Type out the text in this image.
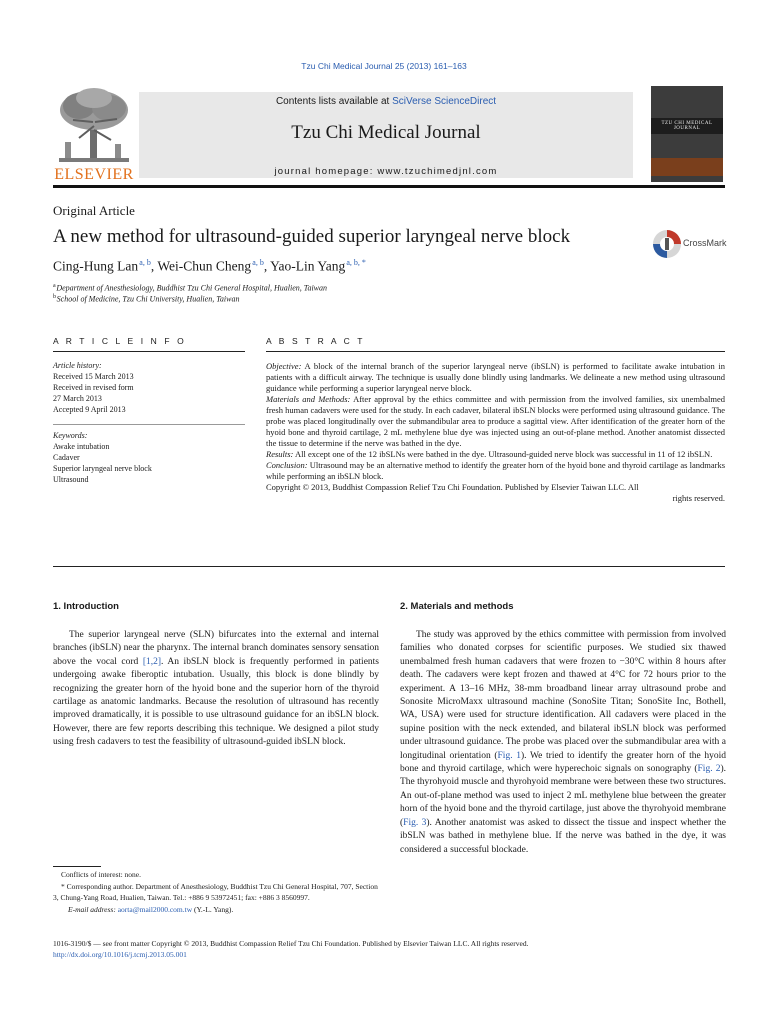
Tzu Chi Medical Journal 25 (2013) 161–163
ELSEVIER
Contents lists available at SciVerse ScienceDirect
Tzu Chi Medical Journal
journal homepage: www.tzuchimedjnl.com
TZU CHI MEDICAL JOURNAL
Original Article
A new method for ultrasound-guided superior laryngeal nerve block	CrossMark
Cing-Hung Lan $^{a, b}$, Wei-Chun Cheng $^{a, b}$, Yao-Lin Yang $^{a, b, *}$
$^a$ Department of Anesthesiology, Buddhist Tzu Chi General Hospital, Hualien, Taiwan
$^b$ School of Medicine, Tzu Chi University, Hualien, Taiwan
A R T I C L E I N F O
Article history:
Received 15 March 2013
Received in revised form
27 March 2013
Accepted 9 April 2013
Keywords:
Awake intubation
Cadaver
Superior laryngeal nerve block
Ultrasound
A B S T R A C T

Objective: A block of the internal branch of the superior laryngeal nerve (ibSLN) is performed to facilitate awake intubation in patients with a difficult airway. The technique is usually done blindly using landmarks. We delineate a new method using ultrasound guidance while performing a superior laryngeal nerve block.

Materials and Methods: After approval by the ethics committee and with permission from the involved families, six unembalmed fresh human cadavers were used for the study. In each cadaver, bilateral ibSLN blocks were performed using ultrasound guidance. The probe was placed longitudinally over the submandibular area to produce a sagittal view. After identification of the greater horn of the hyoid bone and thyroid cartilage, 2 mL methylene blue dye was injected using an out-of-plane method. Another anatomist dissected the tissue to determine if the nerve was bathed in the dye.

Results: All except one of the 12 ibSLNs were bathed in the dye. Ultrasound-guided nerve block was successful in 11 of 12 ibSLN.

Conclusion: Ultrasound may be an alternative method to identify the greater horn of the hyoid bone and thyroid cartilage as landmarks while performing an ibSLN block.

Copyright © 2013, Buddhist Compassion Relief Tzu Chi Foundation. Published by Elsevier Taiwan LLC. All

rights reserved.

1. Introduction

The superior laryngeal nerve (SLN) bifurcates into the external and internal branches (ibSLN) near the pharynx. The internal branch dominates sensory sensation above the vocal cord [1,2]. An ibSLN block is frequently performed in patients undergoing awake fiberoptic intubation. Usually, this block is done blindly by recognizing the greater horn of the hyoid bone and the superior horn of the thyroid cartilage as anatomic landmarks. Because the resolution of ultrasound has recently improved dramatically, it is possible to use ultrasound guidance for an ibSLN block. However, there are few reports describing this technique. We designed a pilot study using fresh cadavers to test the feasibility of ultrasound-guided ibSLN block.

Conflicts of interest: none.
* Corresponding author. Department of Anesthesiology, Buddhist Tzu Chi General Hospital, 707, Section 3, Chung-Yang Road, Hualien, Taiwan. Tel.: +886 9 53972451; fax: +886 3 8560997.
E-mail address: aorta@mail2000.com.tw (Y.-L. Yang).
2. Materials and methods

The study was approved by the ethics committee with permission from involved families who donated corpses for scientific purposes. We studied six thawed unembalmed fresh human cadavers that were frozen to −30°C within 8 hours after death. The cadavers were kept frozen and thawed at 4°C for 72 hours prior to the experiment. A 13–16 MHz, 38-mm broadband linear array ultrasound probe and Sonosite MicroMaxx ultrasound machine (SonoSite Titan; SonoSite Inc, Bothell, WA, USA) were used for structure identification. All cadavers were placed in the supine position with the neck extended, and bilateral ibSLN block was performed under ultrasound guidance. The probe was placed over the submandibular area with a longitudinal orientation (Fig. 1). We tried to identify the greater horn of the hyoid bone and thyroid cartilage, which were hyperechoic signals on sonography (Fig. 2). The thyrohyoid muscle and thyrohyoid membrane were between these two structures. An out-of-plane method was used to inject 2 mL methylene blue between the greater horn of the hyoid bone and the thyroid cartilage, just above the thyrohyoid membrane (Fig. 3). Another anatomist was asked to dissect the tissue and inspect whether the ibSLN was bathed in methylene blue. If the nerve was bathed in the dye, it was considered a successful blockade.

1016-3190/$ — see front matter Copyright © 2013, Buddhist Compassion Relief Tzu Chi Foundation. Published by Elsevier Taiwan LLC. All rights reserved.
http://dx.doi.org/10.1016/j.tcmj.2013.05.001
